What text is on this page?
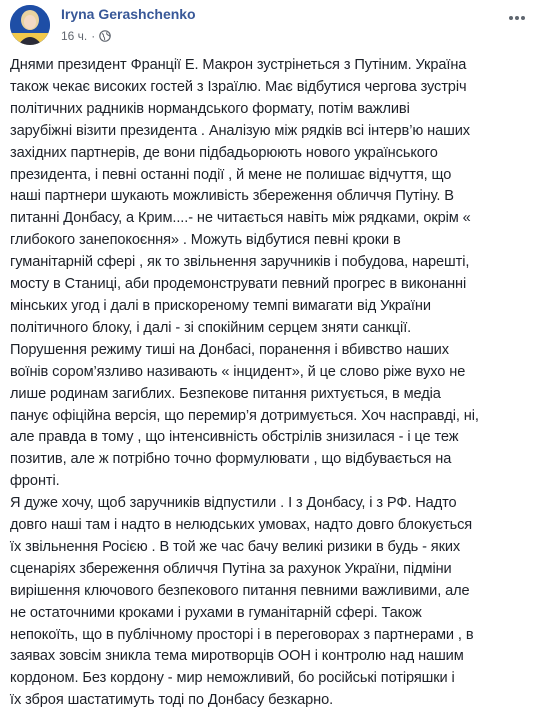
Iryna Gerashchenko
16 ч. ·

Днями президент Франції Е. Макрон зустрінеться з Путіним. Україна
також чекає високих гостей з Ізраїлю. Має відбутися чергова зустріч
політичних радників нормандського формату, потім важливі
зарубіжні візити президента . Аналізую між рядків всі інтерв’ю наших
західних партнерів, де вони підбадьорюють нового українського
президента, і певні останні події , й мене не полишає відчуття, що
наші партнери шукають можливість збереження обличчя Путіну. В
питанні Донбасу, а Крим....- не читається навіть між рядками, окрім «
глибокого занепокоєння» . Можуть відбутися певні кроки в
гуманітарній сфері , як то звільнення заручників і побудова, нарешті,
мосту в Станиці, аби продемонструвати певний прогрес в виконанні
мінських угод і далі в прискореному темпі вимагати від України
політичного блоку, і далі - зі спокійним серцем зняти санкції.

Порушення режиму тиші на Донбасі, поранення і вбивство наших
воїнів сором’язливо називають « інцидент», й це слово ріже вухо не
лише родинам загиблих. Безпекове питання рихтується, в медіа
панує офіційна версія, що перемир’я дотримується. Хоч насправді, ні,
але правда в тому , що інтенсивність обстрілів знизилася - і це теж
позитив, але ж потрібно точно формулювати , що відбувається на
фронті.

Я дуже хочу, щоб заручників відпустили . І з Донбасу, і з РФ. Надто
довго наші там і надто в нелюдських умовах, надто довго блокується
їх звільнення Росією . В той же час бачу великі ризики в будь - яких
сценаріях збереження обличчя Путіна за рахунок України, підміни
вирішення ключового безпекового питання певними важливими, але
не остаточними кроками і рухами в гуманітарній сфері. Також
непокоїть, що в публічному просторі і в переговорах з партнерами , в
заявах зовсім зникла тема миротворців ООН і контролю над нашим
кордоном. Без кордону - мир неможливий, бо російські потіряшки і
їх зброя шастатимуть тоді по Донбасу безкарно.
